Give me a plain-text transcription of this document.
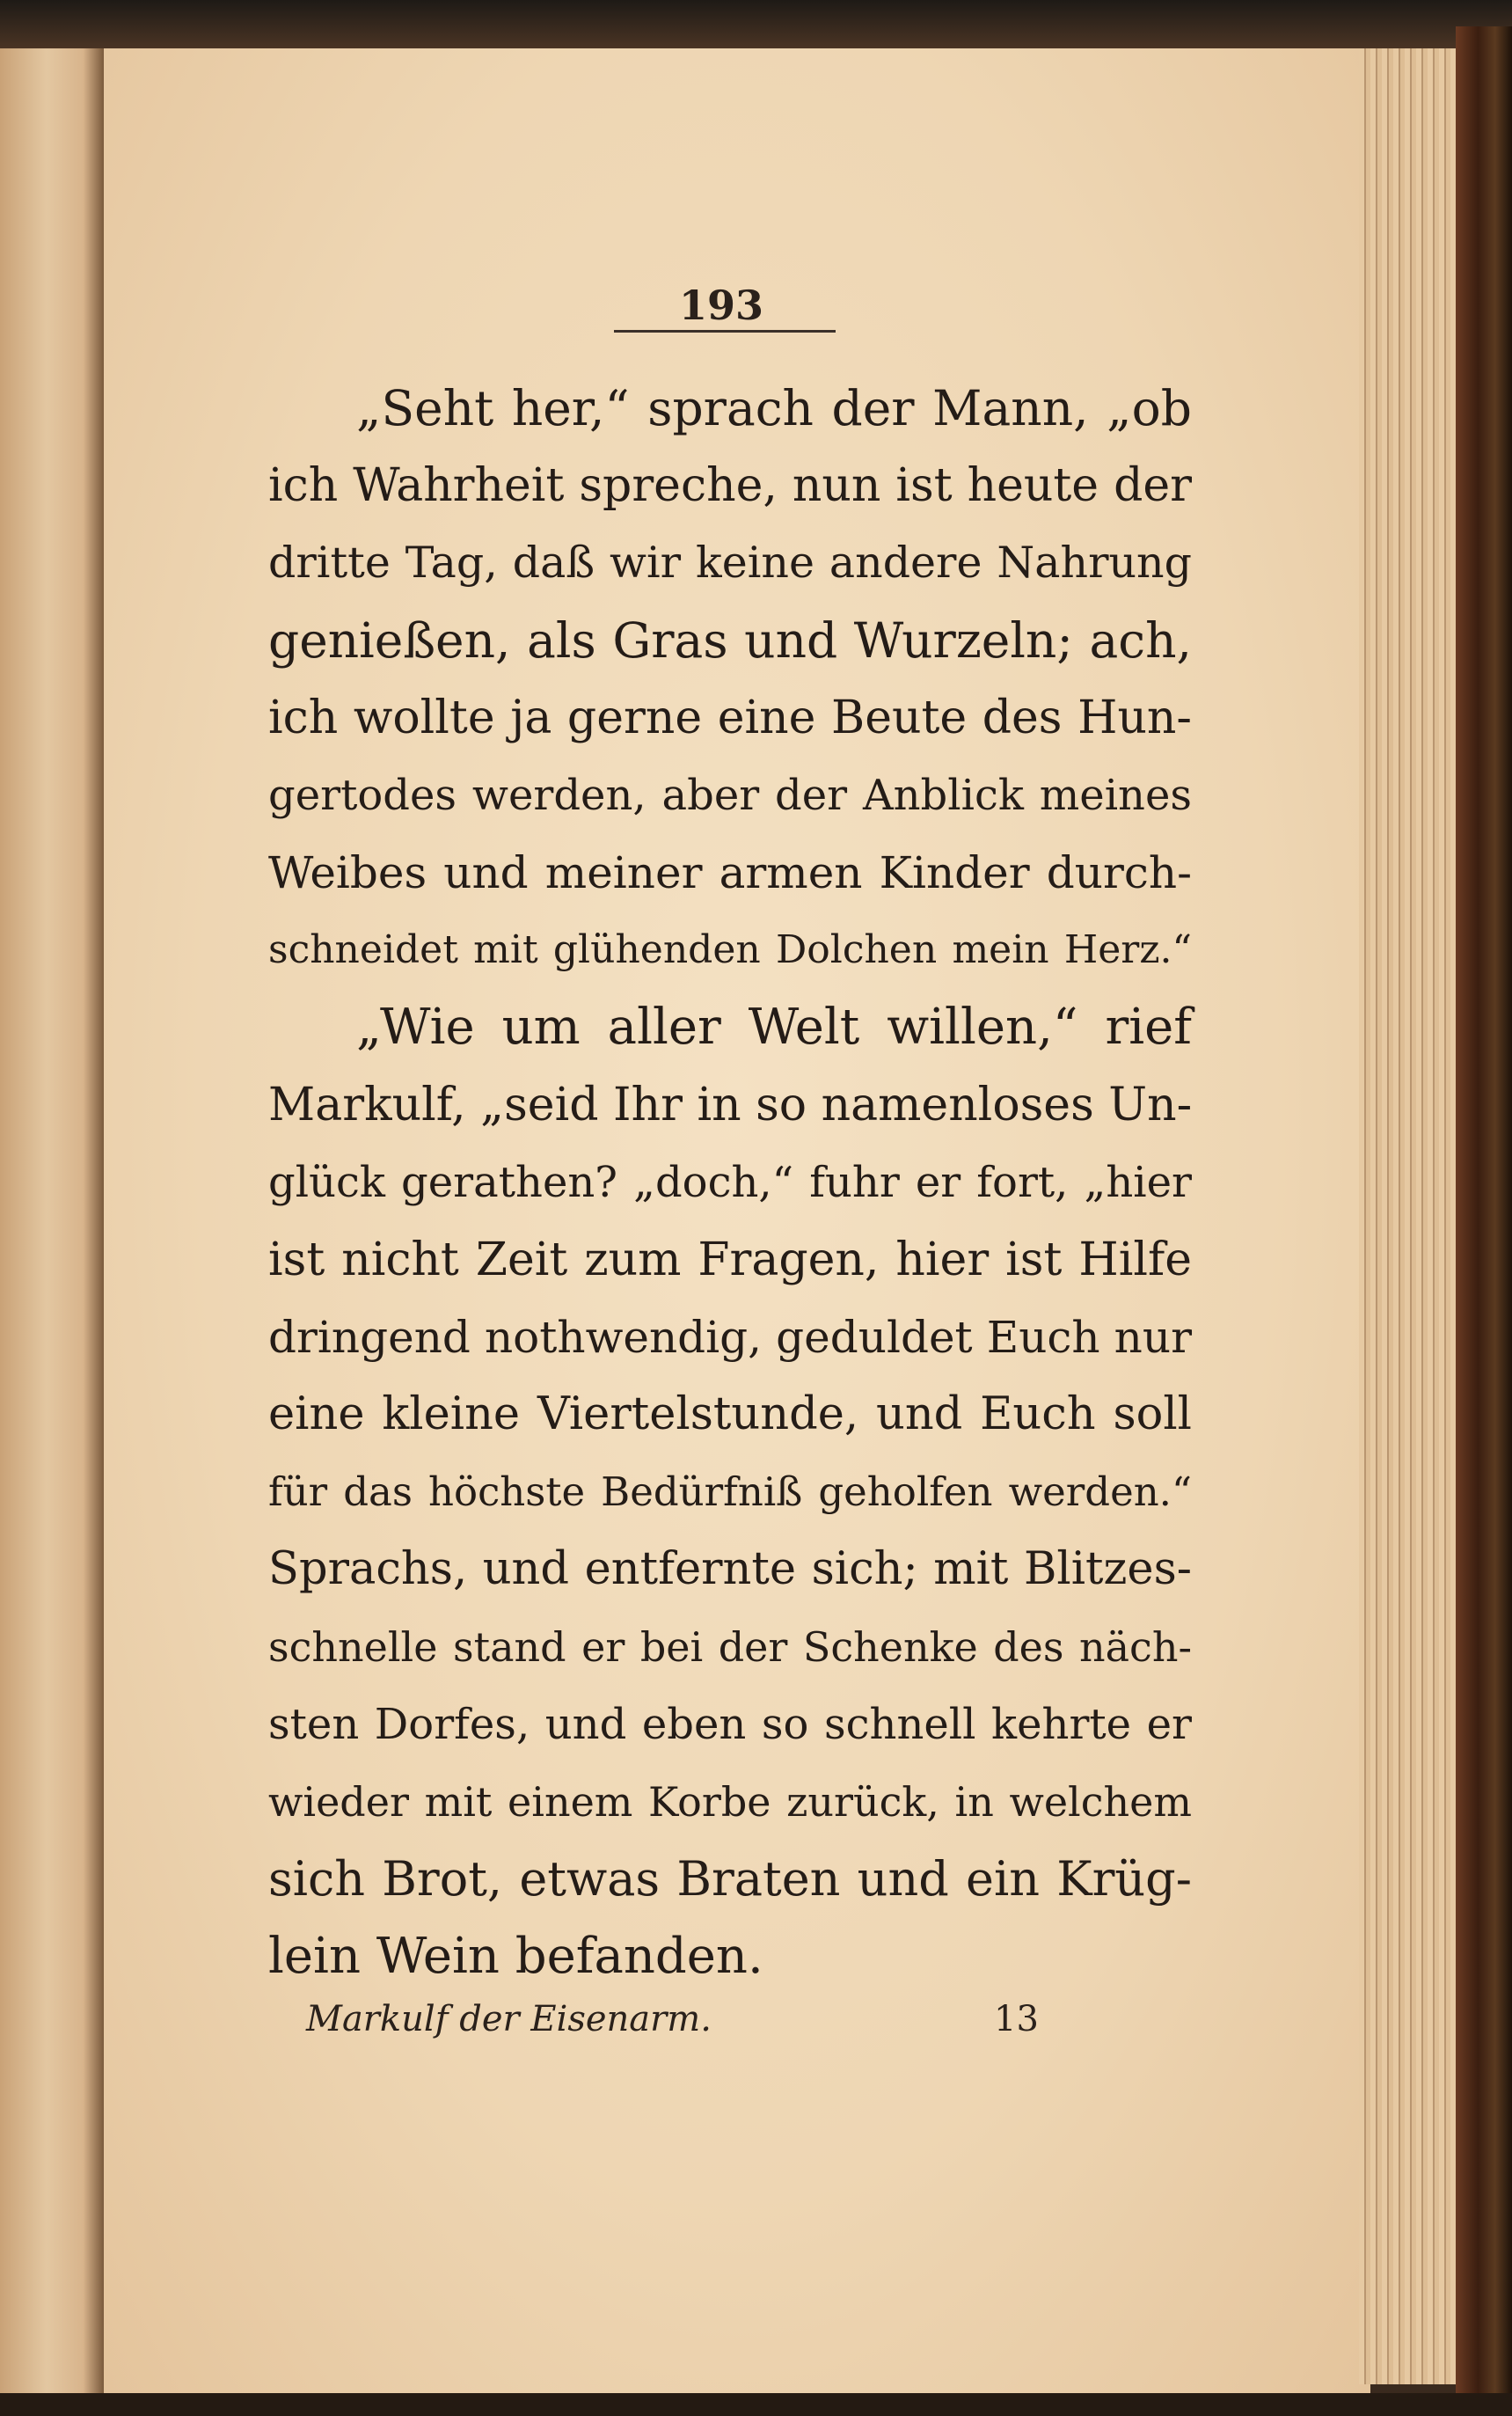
193
„Seht her,“ sprach der Mann, „ob
ich Wahrheit spreche, nun ist heute der
dritte Tag, daß wir keine andere Nahrung
genießen, als Gras und Wurzeln; ach,
ich wollte ja gerne eine Beute des Hun-
gertodes werden, aber der Anblick meines
Weibes und meiner armen Kinder durch-
schneidet mit glühenden Dolchen mein Herz.“
„Wie um aller Welt willen,“ rief
Markulf, „seid Ihr in so namenloses Un-
glück gerathen? „doch,“ fuhr er fort, „hier
ist nicht Zeit zum Fragen, hier ist Hilfe
dringend nothwendig, geduldet Euch nur
eine kleine Viertelstunde, und Euch soll
für das höchste Bedürfniß geholfen werden.“
Sprachs, und entfernte sich; mit Blitzes-
schnelle stand er bei der Schenke des näch-
sten Dorfes, und eben so schnell kehrte er
wieder mit einem Korbe zurück, in welchem
sich Brot, etwas Braten und ein Krüg-
lein Wein befanden.
Markulf der Eisenarm.	13
